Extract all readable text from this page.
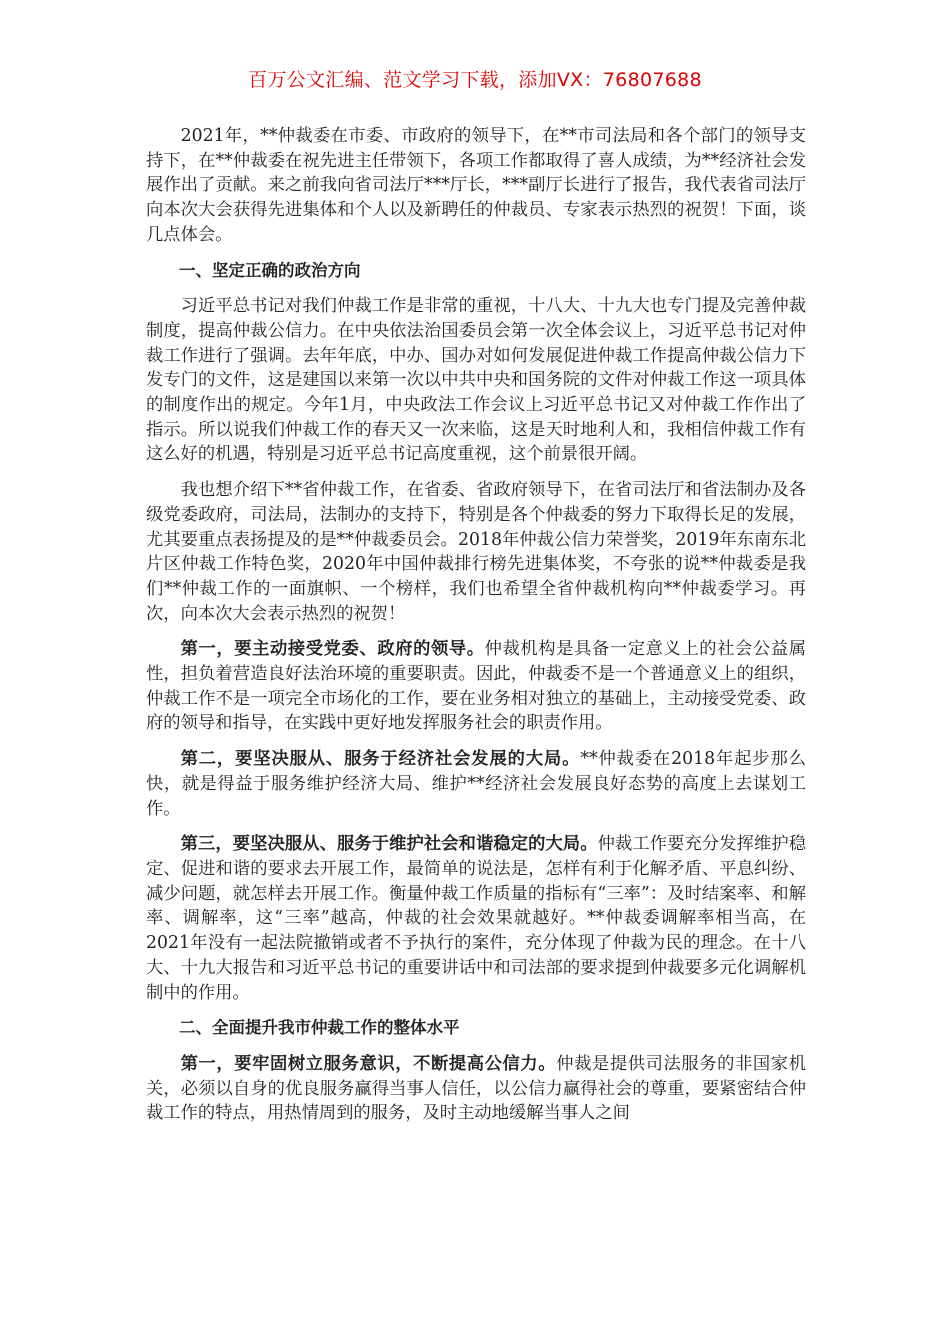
百万公文汇编、范文学习下载，添加VX：76807688

2021年，**仲裁委在市委、市政府的领导下，在**市司法局和各个部门的领导支持下，在**仲裁委在祝先进主任带领下，各项工作都取得了喜人成绩，为**经济社会发展作出了贡献。来之前我向省司法厅***厅长，***副厅长进行了报告，我代表省司法厅向本次大会获得先进集体和个人以及新聘任的仲裁员、专家表示热烈的祝贺！下面，谈几点体会。

一、坚定正确的政治方向

习近平总书记对我们仲裁工作是非常的重视，十八大、十九大也专门提及完善仲裁制度，提高仲裁公信力。在中央依法治国委员会第一次全体会议上，习近平总书记对仲裁工作进行了强调。去年年底，中办、国办对如何发展促进仲裁工作提高仲裁公信力下发专门的文件，这是建国以来第一次以中共中央和国务院的文件对仲裁工作这一项具体的制度作出的规定。今年1月，中央政法工作会议上习近平总书记又对仲裁工作作出了指示。所以说我们仲裁工作的春天又一次来临，这是天时地利人和，我相信仲裁工作有这么好的机遇，特别是习近平总书记高度重视，这个前景很开阔。

我也想介绍下**省仲裁工作，在省委、省政府领导下，在省司法厅和省法制办及各级党委政府，司法局，法制办的支持下，特别是各个仲裁委的努力下取得长足的发展，尤其要重点表扬提及的是**仲裁委员会。2018年仲裁公信力荣誉奖，2019年东南东北片区仲裁工作特色奖，2020年中国仲裁排行榜先进集体奖，不夸张的说**仲裁委是我们**仲裁工作的一面旗帜、一个榜样，我们也希望全省仲裁机构向**仲裁委学习。再次，向本次大会表示热烈的祝贺！

第一，要主动接受党委、政府的领导。仲裁机构是具备一定意义上的社会公益属性，担负着营造良好法治环境的重要职责。因此，仲裁委不是一个普通意义上的组织，仲裁工作不是一项完全市场化的工作，要在业务相对独立的基础上，主动接受党委、政府的领导和指导，在实践中更好地发挥服务社会的职责作用。

第二，要坚决服从、服务于经济社会发展的大局。**仲裁委在2018年起步那么快，就是得益于服务维护经济大局、维护**经济社会发展良好态势的高度上去谋划工作。

第三，要坚决服从、服务于维护社会和谐稳定的大局。仲裁工作要充分发挥维护稳定、促进和谐的要求去开展工作，最简单的说法是，怎样有利于化解矛盾、平息纠纷、减少问题，就怎样去开展工作。衡量仲裁工作质量的指标有“三率”：及时结案率、和解率、调解率，这“三率”越高，仲裁的社会效果就越好。**仲裁委调解率相当高，在2021年没有一起法院撤销或者不予执行的案件，充分体现了仲裁为民的理念。在十八大、十九大报告和习近平总书记的重要讲话中和司法部的要求提到仲裁要多元化调解机制中的作用。

二、全面提升我市仲裁工作的整体水平

第一，要牢固树立服务意识，不断提高公信力。仲裁是提供司法服务的非国家机关，必须以自身的优良服务赢得当事人信任，以公信力赢得社会的尊重，要紧密结合仲裁工作的特点，用热情周到的服务，及时主动地缓解当事人之间
